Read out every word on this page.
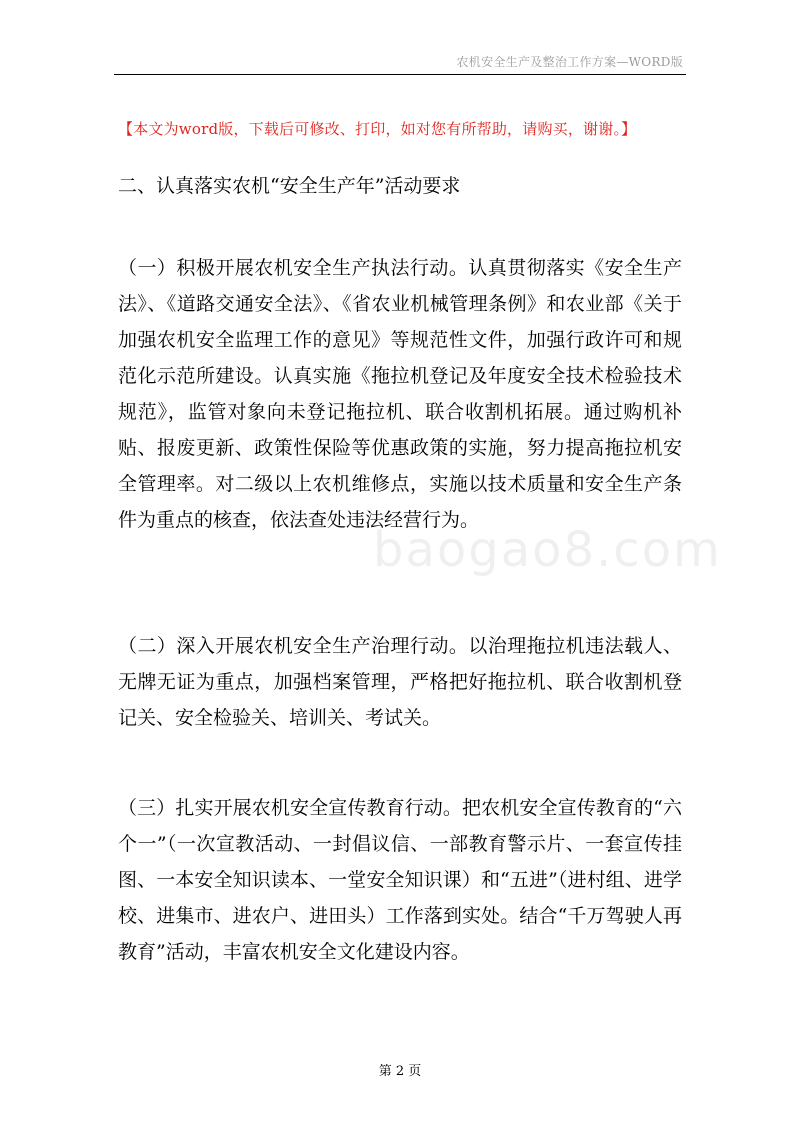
农机安全生产及整治工作方案—WORD版
【本文为word版，下载后可修改、打印，如对您有所帮助，请购买，谢谢。】
二、认真落实农机“安全生产年”活动要求

（一）积极开展农机安全生产执法行动。认真贯彻落实《安全生产法》、《道路交通安全法》、《省农业机械管理条例》和农业部《关于加强农机安全监理工作的意见》等规范性文件，加强行政许可和规范化示范所建设。认真实施《拖拉机登记及年度安全技术检验技术规范》，监管对象向未登记拖拉机、联合收割机拓展。通过购机补贴、报废更新、政策性保险等优惠政策的实施，努力提高拖拉机安全管理率。对二级以上农机维修点，实施以技术质量和安全生产条件为重点的核查，依法查处违法经营行为。

（二）深入开展农机安全生产治理行动。以治理拖拉机违法载人、无牌无证为重点，加强档案管理，严格把好拖拉机、联合收割机登记关、安全检验关、培训关、考试关。

（三）扎实开展农机安全宣传教育行动。把农机安全宣传教育的“六个一”（一次宣教活动、一封倡议信、一部教育警示片、一套宣传挂图、一本安全知识读本、一堂安全知识课）和“五进”（进村组、进学校、进集市、进农户、进田头）工作落到实处。结合“千万驾驶人再教育”活动，丰富农机安全文化建设内容。

baogao8.com
第 2 页
